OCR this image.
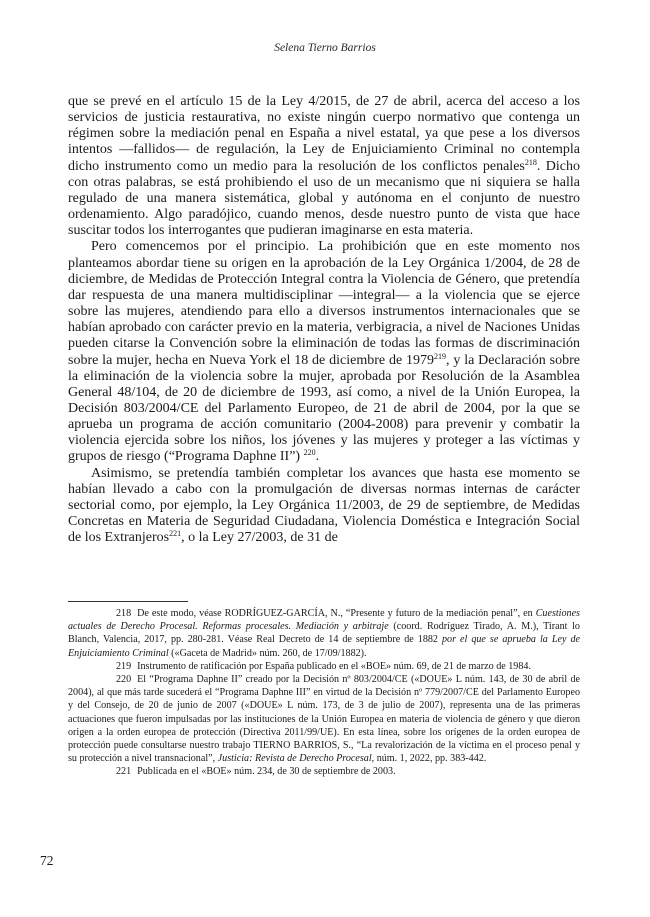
Selena Tierno Barrios

que se prevé en el artículo 15 de la Ley 4/2015, de 27 de abril, acerca del acceso a los servicios de justicia restaurativa, no existe ningún cuerpo normativo que contenga un régimen sobre la mediación penal en España a nivel estatal, ya que pese a los diversos intentos —fallidos— de regulación, la Ley de Enjuiciamiento Criminal no contempla dicho instrumento como un medio para la resolución de los conflictos penales$^{218}$. Dicho con otras palabras, se está prohibiendo el uso de un mecanismo que ni siquiera se halla regulado de una manera sistemática, global y autónoma en el conjunto de nuestro ordenamiento. Algo paradójico, cuando menos, desde nuestro punto de vista que hace suscitar todos los interrogantes que pudieran imaginarse en esta materia.

Pero comencemos por el principio. La prohibición que en este momento nos planteamos abordar tiene su origen en la aprobación de la Ley Orgánica 1/2004, de 28 de diciembre, de Medidas de Protección Integral contra la Violencia de Género, que pretendía dar respuesta de una manera multidisciplinar —integral— a la violencia que se ejerce sobre las mujeres, atendiendo para ello a diversos instrumentos internacionales que se habían aprobado con carácter previo en la materia, verbigracia, a nivel de Naciones Unidas pueden citarse la Convención sobre la eliminación de todas las formas de discriminación sobre la mujer, hecha en Nueva York el 18 de diciembre de 1979$^{219}$, y la Declaración sobre la eliminación de la violencia sobre la mujer, aprobada por Resolución de la Asamblea General 48/104, de 20 de diciembre de 1993, así como, a nivel de la Unión Europea, la Decisión 803/2004/CE del Parlamento Europeo, de 21 de abril de 2004, por la que se aprueba un programa de acción comunitario (2004-2008) para prevenir y combatir la violencia ejercida sobre los niños, los jóvenes y las mujeres y proteger a las víctimas y grupos de riesgo (“Programa Daphne II”) $^{220}$.

Asimismo, se pretendía también completar los avances que hasta ese momento se habían llevado a cabo con la promulgación de diversas normas internas de carácter sectorial como, por ejemplo, la Ley Orgánica 11/2003, de 29 de septiembre, de Medidas Concretas en Materia de Seguridad Ciudadana, Violencia Doméstica e Integración Social de los Extranjeros$^{221}$, o la Ley 27/2003, de 31 de

218 De este modo, véase RODRÍGUEZ-GARCÍA, N., “Presente y futuro de la mediación penal”, en Cuestiones actuales de Derecho Procesal. Reformas procesales. Mediación y arbitraje (coord. Rodríguez Tirado, A. M.), Tirant lo Blanch, Valencia, 2017, pp. 280-281. Véase Real Decreto de 14 de septiembre de 1882 por el que se aprueba la Ley de Enjuiciamiento Criminal («Gaceta de Madrid» núm. 260, de 17/09/1882).

219 Instrumento de ratificación por España publicado en el «BOE» núm. 69, de 21 de marzo de 1984.

220 El “Programa Daphne II” creado por la Decisión nº 803/2004/CE («DOUE» L núm. 143, de 30 de abril de 2004), al que más tarde sucederá el “Programa Daphne III” en virtud de la Decisión nº 779/2007/CE del Parlamento Europeo y del Consejo, de 20 de junio de 2007 («DOUE» L núm. 173, de 3 de julio de 2007), representa una de las primeras actuaciones que fueron impulsadas por las instituciones de la Unión Europea en materia de violencia de género y que dieron origen a la orden europea de protección (Directiva 2011/99/UE). En esta línea, sobre los orígenes de la orden europea de protección puede consultarse nuestro trabajo TIERNO BARRIOS, S., “La revalorización de la víctima en el proceso penal y su protección a nivel transnacional”, Justicia: Revista de Derecho Procesal, núm. 1, 2022, pp. 383-442.

221 Publicada en el «BOE» núm. 234, de 30 de septiembre de 2003.

72
